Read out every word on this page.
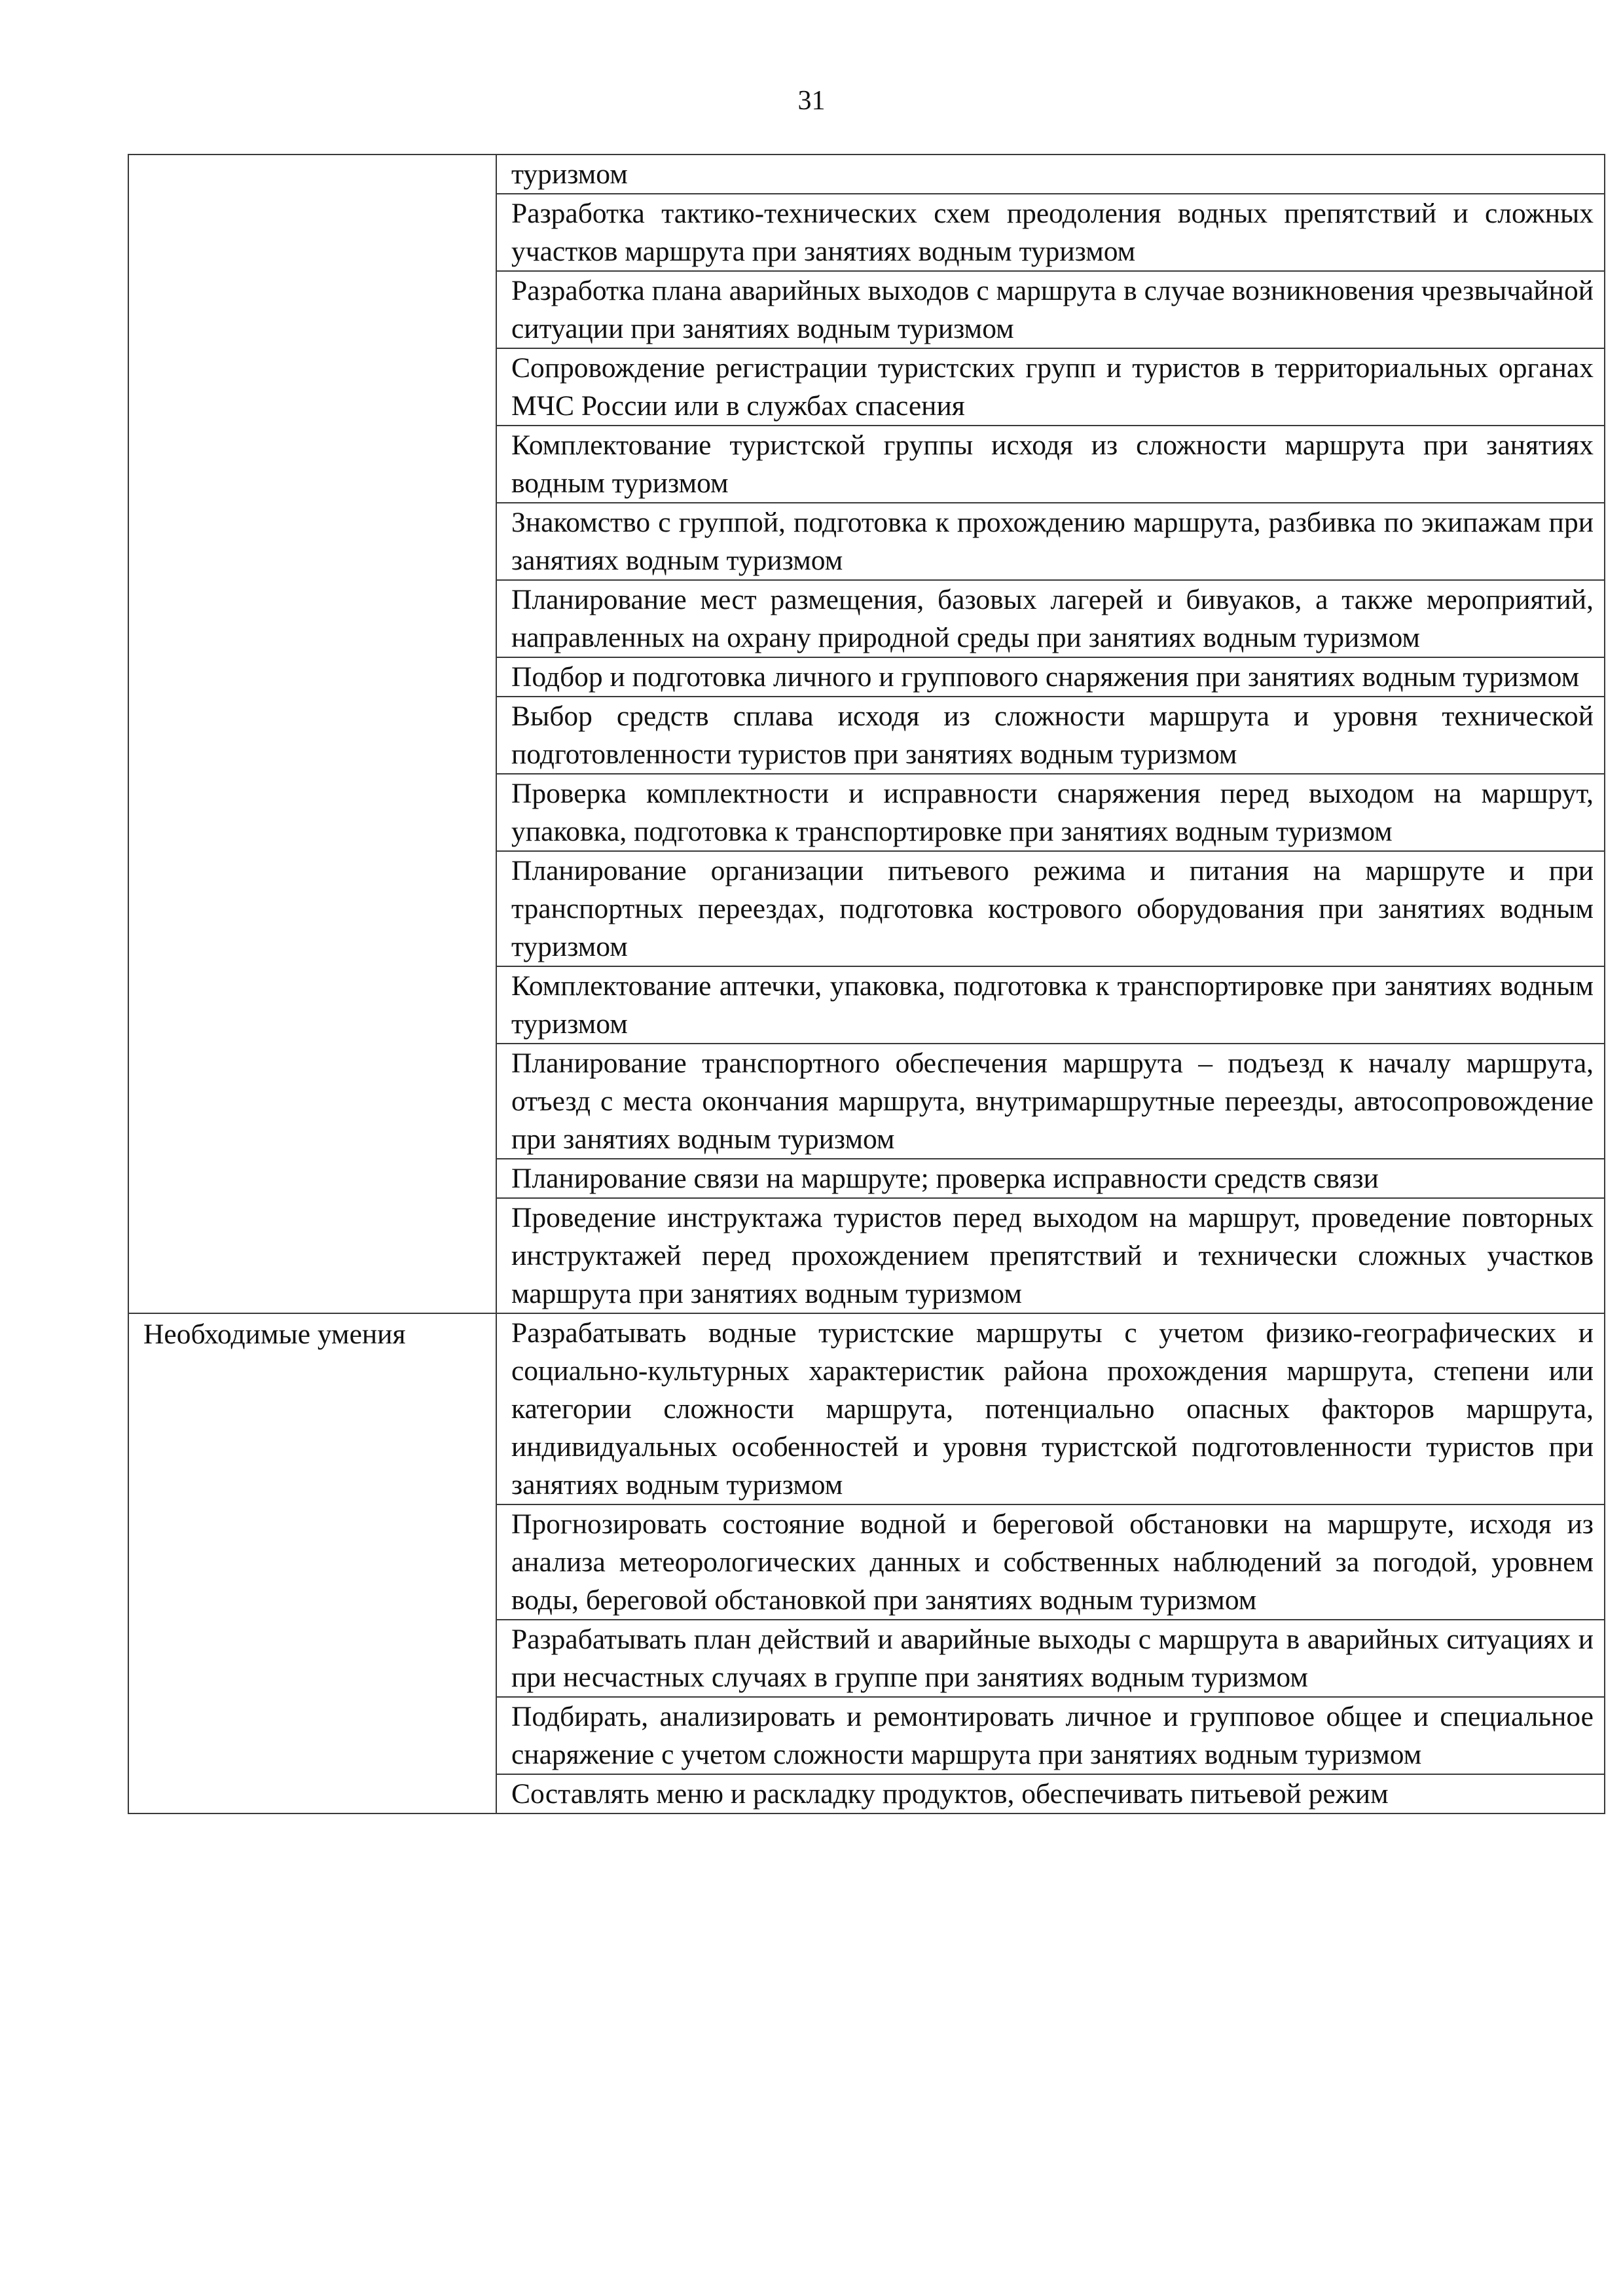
31
	туризмом
	Разработка тактико-технических схем преодоления водных препятствий и сложных участков маршрута при занятиях водным туризмом
	Разработка плана аварийных выходов с маршрута в случае возникновения чрезвычайной ситуации при занятиях водным туризмом
	Сопровождение регистрации туристских групп и туристов в территориальных органах МЧС России или в службах спасения
	Комплектование туристской группы исходя из сложности маршрута при занятиях водным туризмом
	Знакомство с группой, подготовка к прохождению маршрута, разбивка по экипажам при занятиях водным туризмом
	Планирование мест размещения, базовых лагерей и бивуаков, а также мероприятий, направленных на охрану природной среды при занятиях водным туризмом
	Подбор и подготовка личного и группового снаряжения при занятиях водным туризмом
	Выбор средств сплава исходя из сложности маршрута и уровня технической подготовленности туристов при занятиях водным туризмом
	Проверка комплектности и исправности снаряжения перед выходом на маршрут, упаковка, подготовка к транспортировке при занятиях водным туризмом
	Планирование организации питьевого режима и питания на маршруте и при транспортных переездах, подготовка кострового оборудования при занятиях водным туризмом
	Комплектование аптечки, упаковка, подготовка к транспортировке при занятиях водным туризмом
	Планирование транспортного обеспечения маршрута – подъезд к началу маршрута, отъезд с места окончания маршрута, внутримаршрутные переезды, автосопровождение при занятиях водным туризмом
	Планирование связи на маршруте; проверка исправности средств связи
	Проведение инструктажа туристов перед выходом на маршрут, проведение повторных инструктажей перед прохождением препятствий и технически сложных участков маршрута при занятиях водным туризмом
Необходимые умения	Разрабатывать водные туристские маршруты с учетом физико-географических и социально-культурных характеристик района прохождения маршрута, степени или категории сложности маршрута, потенциально опасных факторов маршрута, индивидуальных особенностей и уровня туристской подготовленности туристов при занятиях водным туризмом
	Прогнозировать состояние водной и береговой обстановки на маршруте, исходя из анализа метеорологических данных и собственных наблюдений за погодой, уровнем воды, береговой обстановкой при занятиях водным туризмом
	Разрабатывать план действий и аварийные выходы с маршрута в аварийных ситуациях и при несчастных случаях в группе при занятиях водным туризмом
	Подбирать, анализировать и ремонтировать личное и групповое общее и специальное снаряжение с учетом сложности маршрута при занятиях водным туризмом
	Составлять меню и раскладку продуктов, обеспечивать питьевой режим
